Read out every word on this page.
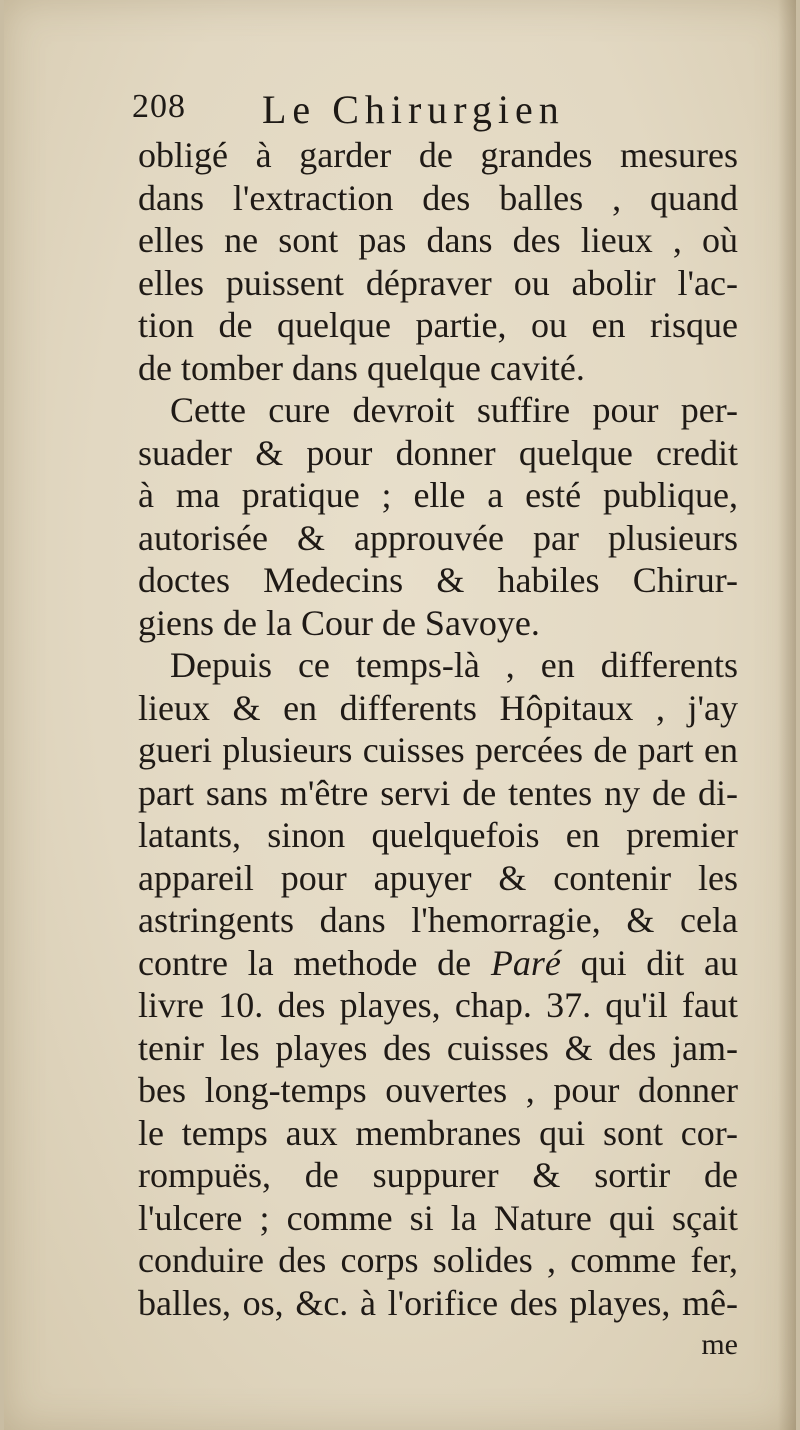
208 Le Chirurgien
obligé à garder de grandes mesures
dans l'extraction des balles , quand
elles ne sont pas dans des lieux , où
elles puissent dépraver ou abolir l'ac-
tion de quelque partie, ou en risque
de tomber dans quelque cavité.
Cette cure devroit suffire pour per-
suader & pour donner quelque credit
à ma pratique ; elle a esté publique,
autorisée & approuvée par plusieurs
doctes Medecins & habiles Chirur-
giens de la Cour de Savoye.
Depuis ce temps-là , en differents
lieux & en differents Hôpitaux , j'ay
gueri plusieurs cuisses percées de part en
part sans m'être servi de tentes ny de di-
latants, sinon quelquefois en premier
appareil pour apuyer & contenir les
astringents dans l'hemorragie, & cela
contre la methode de Paré qui dit au
livre 10. des playes, chap. 37. qu'il faut
tenir les playes des cuisses & des jam-
bes long-temps ouvertes , pour donner
le temps aux membranes qui sont cor-
rompuës, de suppurer & sortir de
l'ulcere ; comme si la Nature qui sçait
conduire des corps solides , comme fer,
balles, os, &c. à l'orifice des playes, mê-
me
